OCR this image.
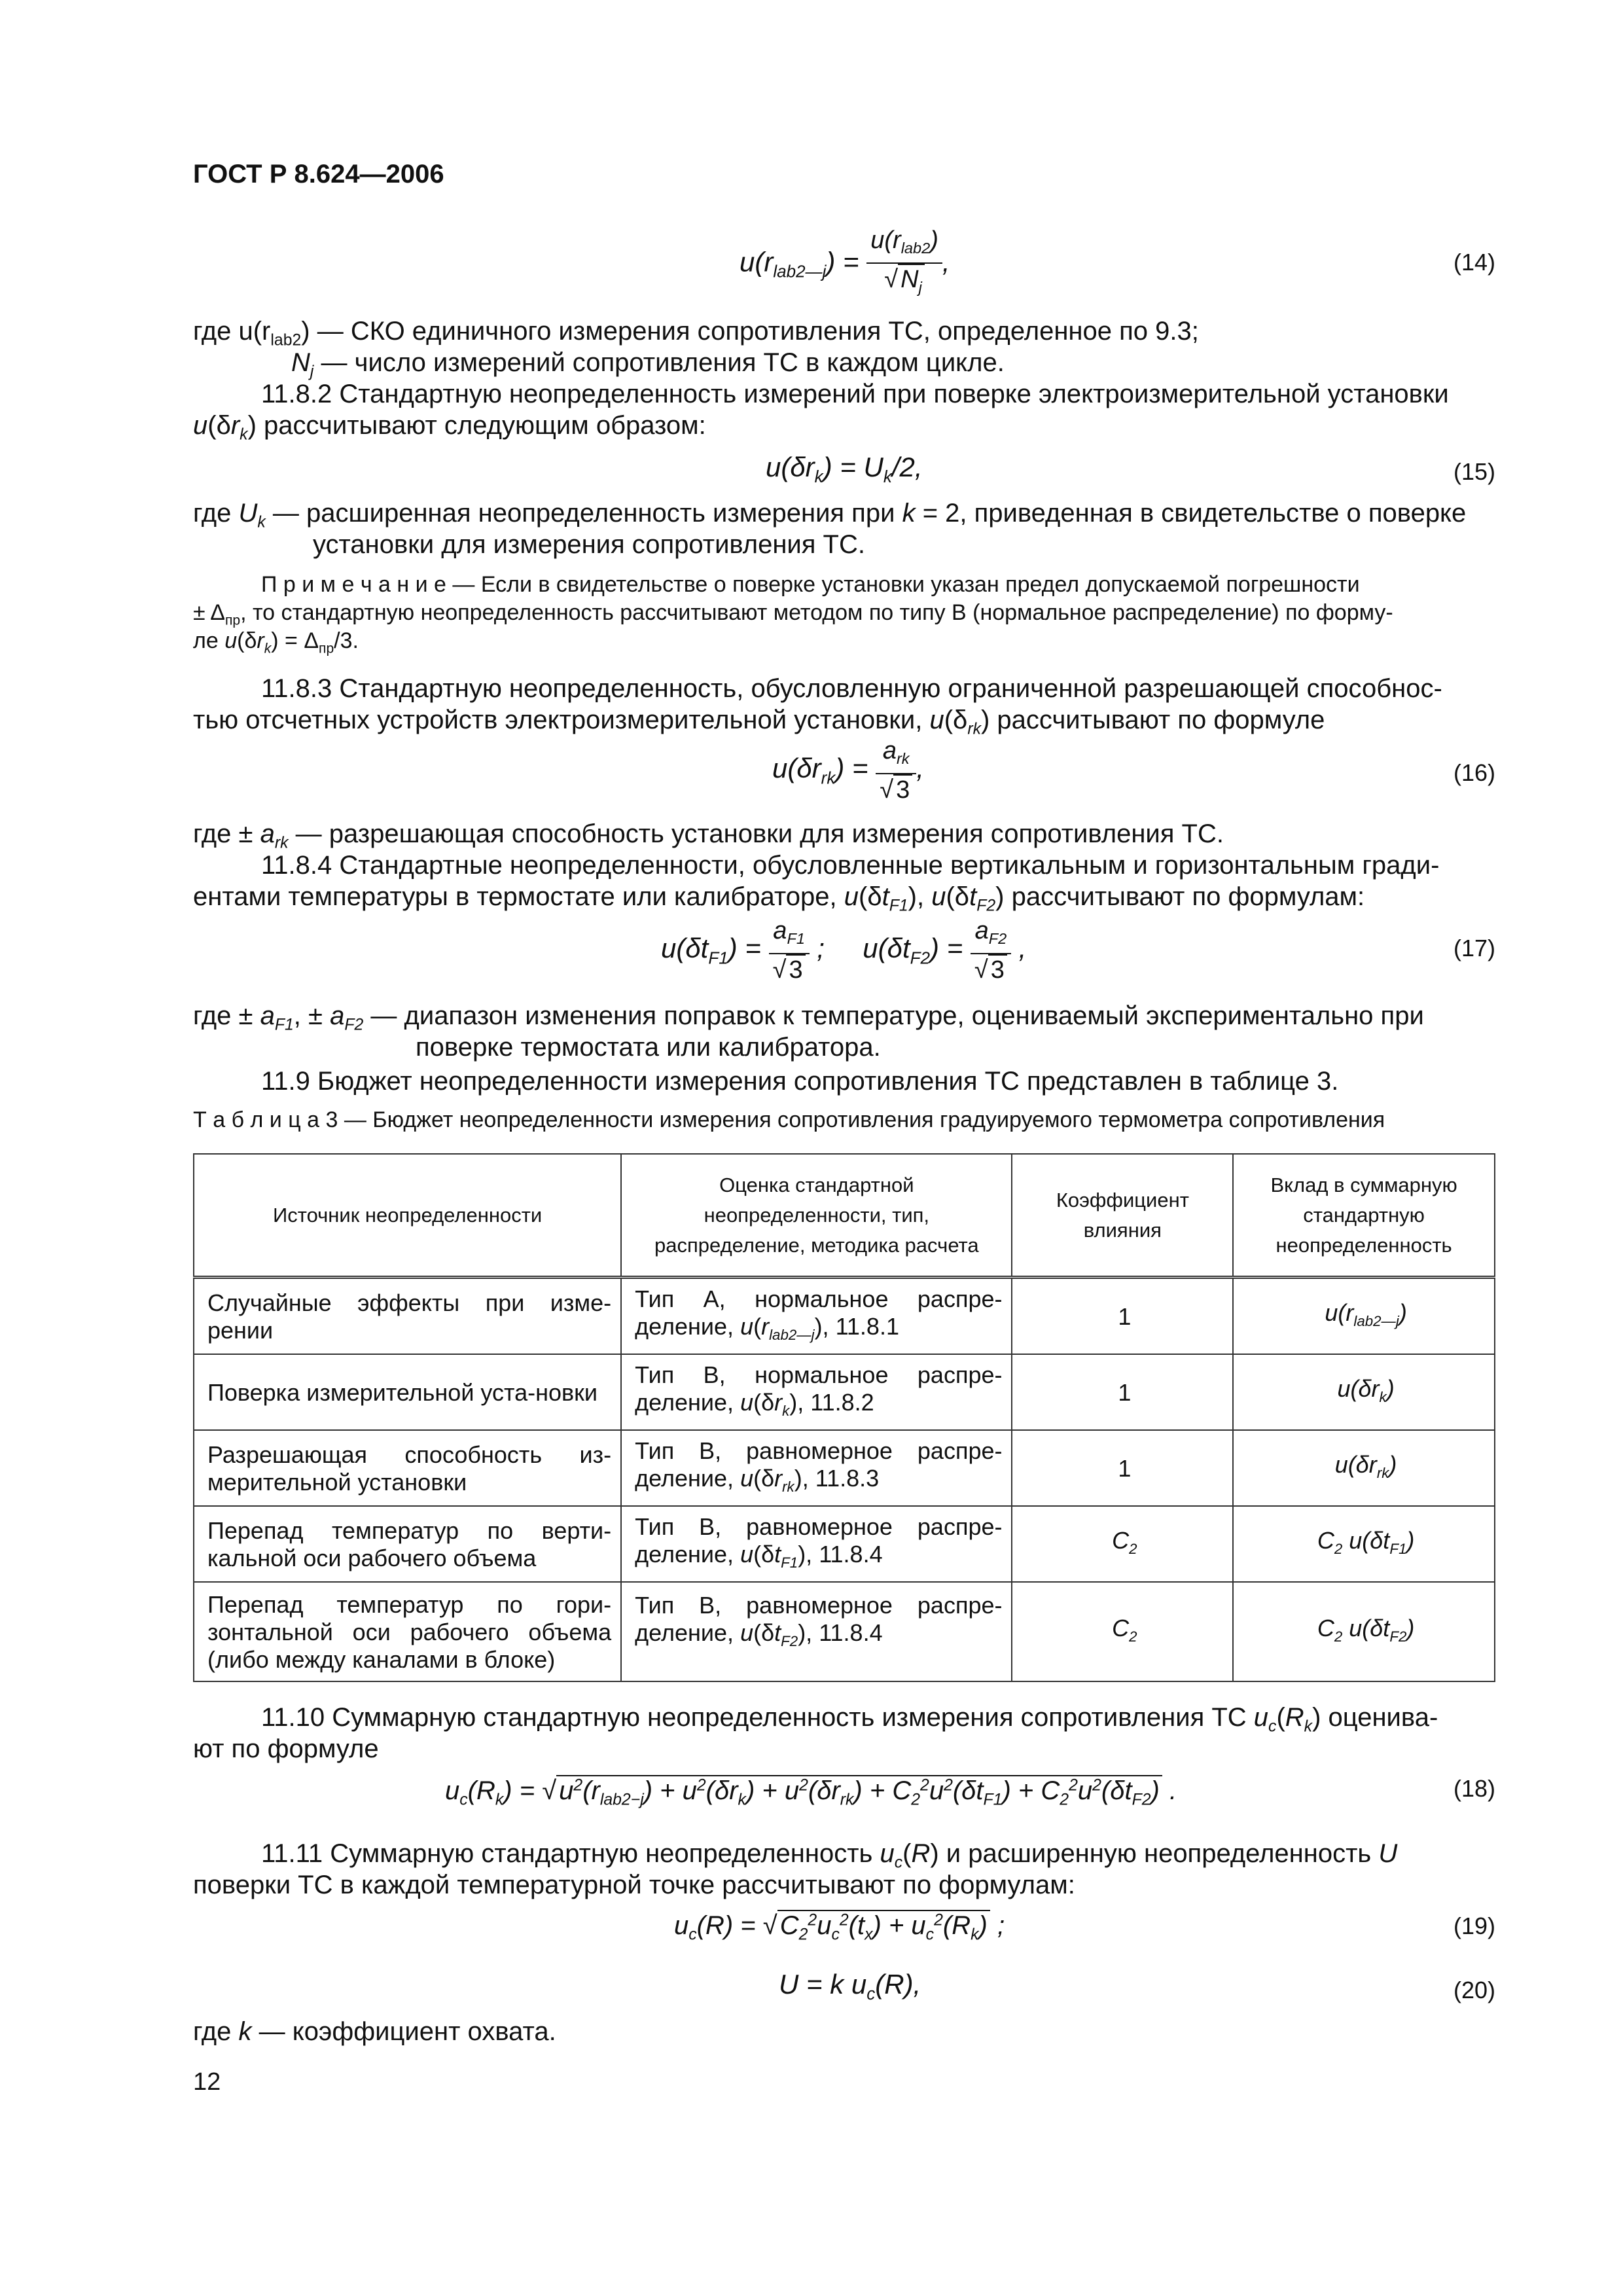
ГОСТ Р 8.624—2006
$u(r_{lab2—j}) = \frac{u(r_{lab2})}{√ N_j}$ ,	(14)
где $u(r_{lab2})$ — СКО единичного измерения сопротивления ТС, определенное по 9.3;
$N_j$ — число измерений сопротивления ТС в каждом цикле.
11.8.2 Стандартную неопределенность измерений при поверке электроизмерительной установки
$u(\delta r_k)$ рассчитывают следующим образом:
$u(\delta r_k) = U_k/2$,	(15)
где $U_k$ — расширенная неопределенность измерения при k = 2, приведенная в свидетельстве о поверке
установки для измерения сопротивления ТС.
П р и м е ч а н и е — Если в свидетельстве о поверке установки указан предел допускаемой погрешности
± $\Delta_{пр}$, то стандартную неопределенность рассчитывают методом по типу В (нормальное распределение) по форму-
ле $u(\delta r_k) = \Delta_{пр}/3$.
11.8.3 Стандартную неопределенность, обусловленную ограниченной разрешающей способнос-
тью отсчетных устройств электроизмерительной установки, $u(\delta_{rk})$ рассчитывают по формуле
$u(\delta r_{rk}) = \frac{a_{rk}}{√ 3}$ ,	(16)
где ± $a_{rk}$ — разрешающая способность установки для измерения сопротивления ТС.
11.8.4 Стандартные неопределенности, обусловленные вертикальным и горизонтальным гради-
ентами температуры в термостате или калибраторе, $u(\delta t_{F1})$, $u(\delta t_{F2})$ рассчитывают по формулам:
$u(\delta t_{F1}) = \frac{a_{F1}}{√ 3}$ ;     $u(\delta t_{F2}) = \frac{a_{F2}}{√ 3}$ ,	(17)
где ± $a_{F1}$, ± $a_{F2}$ — диапазон изменения поправок к температуре, оцениваемый экспериментально при
поверке термостата или калибратора.
11.9 Бюджет неопределенности измерения сопротивления ТС представлен в таблице 3.
Т а б л и ц а 3 — Бюджет неопределенности измерения сопротивления градуируемого термометра сопротивления
Источник неопределенности	Оценка стандартной неопределенности, тип, распределение, методика расчета	Коэффициент влияния	Вклад в суммарную стандартную неопределенность
Случайные эффекты при изме-рении	Тип А, нормальное распре-деление, $u(r_{lab2—j})$, 11.8.1	1	$u(r_{lab2—j})$
Поверка измерительной уста-новки	Тип В, нормальное распре-деление, $u(\delta r_k)$, 11.8.2	1	$u(\delta r_k)$
Разрешающая способность из-мерительной установки	Тип В, равномерное распре-деление, $u(\delta r_{rk})$, 11.8.3	1	$u(\delta r_{rk})$
Перепад температур по верти-кальной оси рабочего объема	Тип В, равномерное распре-деление, $u(\delta t_{F1})$, 11.8.4	$C_2$	$C_2$ $u(\delta t_{F1})$
Перепад температур по гори-зонтальной оси рабочего объема (либо между каналами в блоке)	Тип В, равномерное распре-деление, $u(\delta t_{F2})$, 11.8.4	$C_2$	$C_2$ $u(\delta t_{F2})$
11.10 Суммарную стандартную неопределенность измерения сопротивления ТС $u_c(R_k)$ оценива-
ют по формуле
$u_c(R_k)$ = √ $u^2(r_{lab2-j}) + u^2(\delta r_k) + u^2(\delta r_{rk}) + C_2^2u^2(\delta t_{F1}) + C_2^2u^2(\delta t_{F2})$ .	(18)
11.11 Суммарную стандартную неопределенность $u_c(R)$ и расширенную неопределенность U
поверки ТС в каждой температурной точке рассчитывают по формулам:
$u_c(R)$ = √ $C_2^2u_c^2(t_x) + u_c^2(R_k)$ ;	(19)
U = k $u_c(R)$,	(20)
где k — коэффициент охвата.
12
